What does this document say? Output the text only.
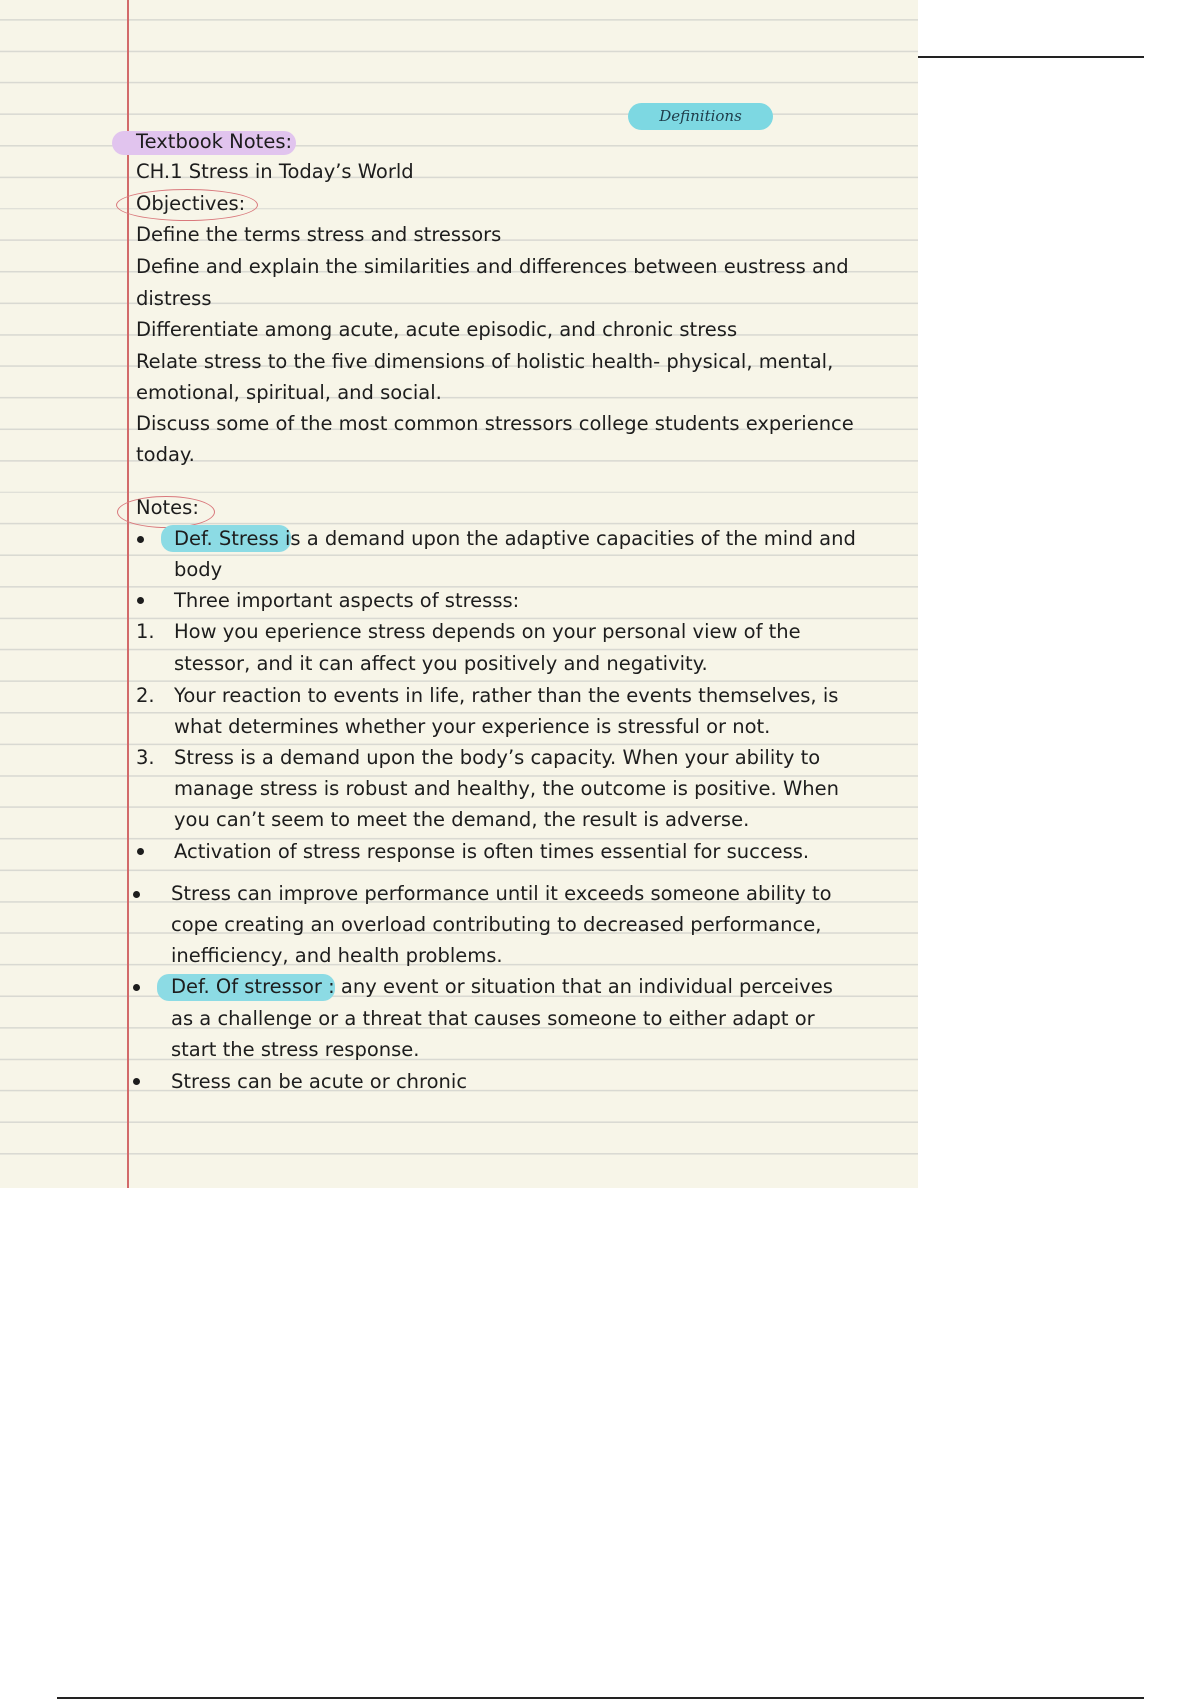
Definitions
Textbook Notes:
CH.1 Stress in Today’s World
Objectives:
Define the terms stress and stressors
Define and explain the similarities and differences between eustress and
distress
Differentiate among acute, acute episodic, and chronic stress
Relate stress to the five dimensions of holistic health- physical, mental,
emotional, spiritual, and social.
Discuss some of the most common stressors college students experience
today.
Notes:
Def. Stress is a demand upon the adaptive capacities of the mind and
body
Three important aspects of stresss:
1. How you eperience stress depends on your personal view of the
stessor, and it can affect you positively and negativity.
2. Your reaction to events in life, rather than the events themselves, is
what determines whether your experience is stressful or not.
3. Stress is a demand upon the body’s capacity. When your ability to
manage stress is robust and healthy, the outcome is positive. When
you can’t seem to meet the demand, the result is adverse.
Activation of stress response is often times essential for success.
Stress can improve performance until it exceeds someone ability to
cope creating an overload contributing to decreased performance,
inefficiency, and health problems.
Def. Of stressor : any event or situation that an individual perceives
as a challenge or a threat that causes someone to either adapt or
start the stress response.
Stress can be acute or chronic
